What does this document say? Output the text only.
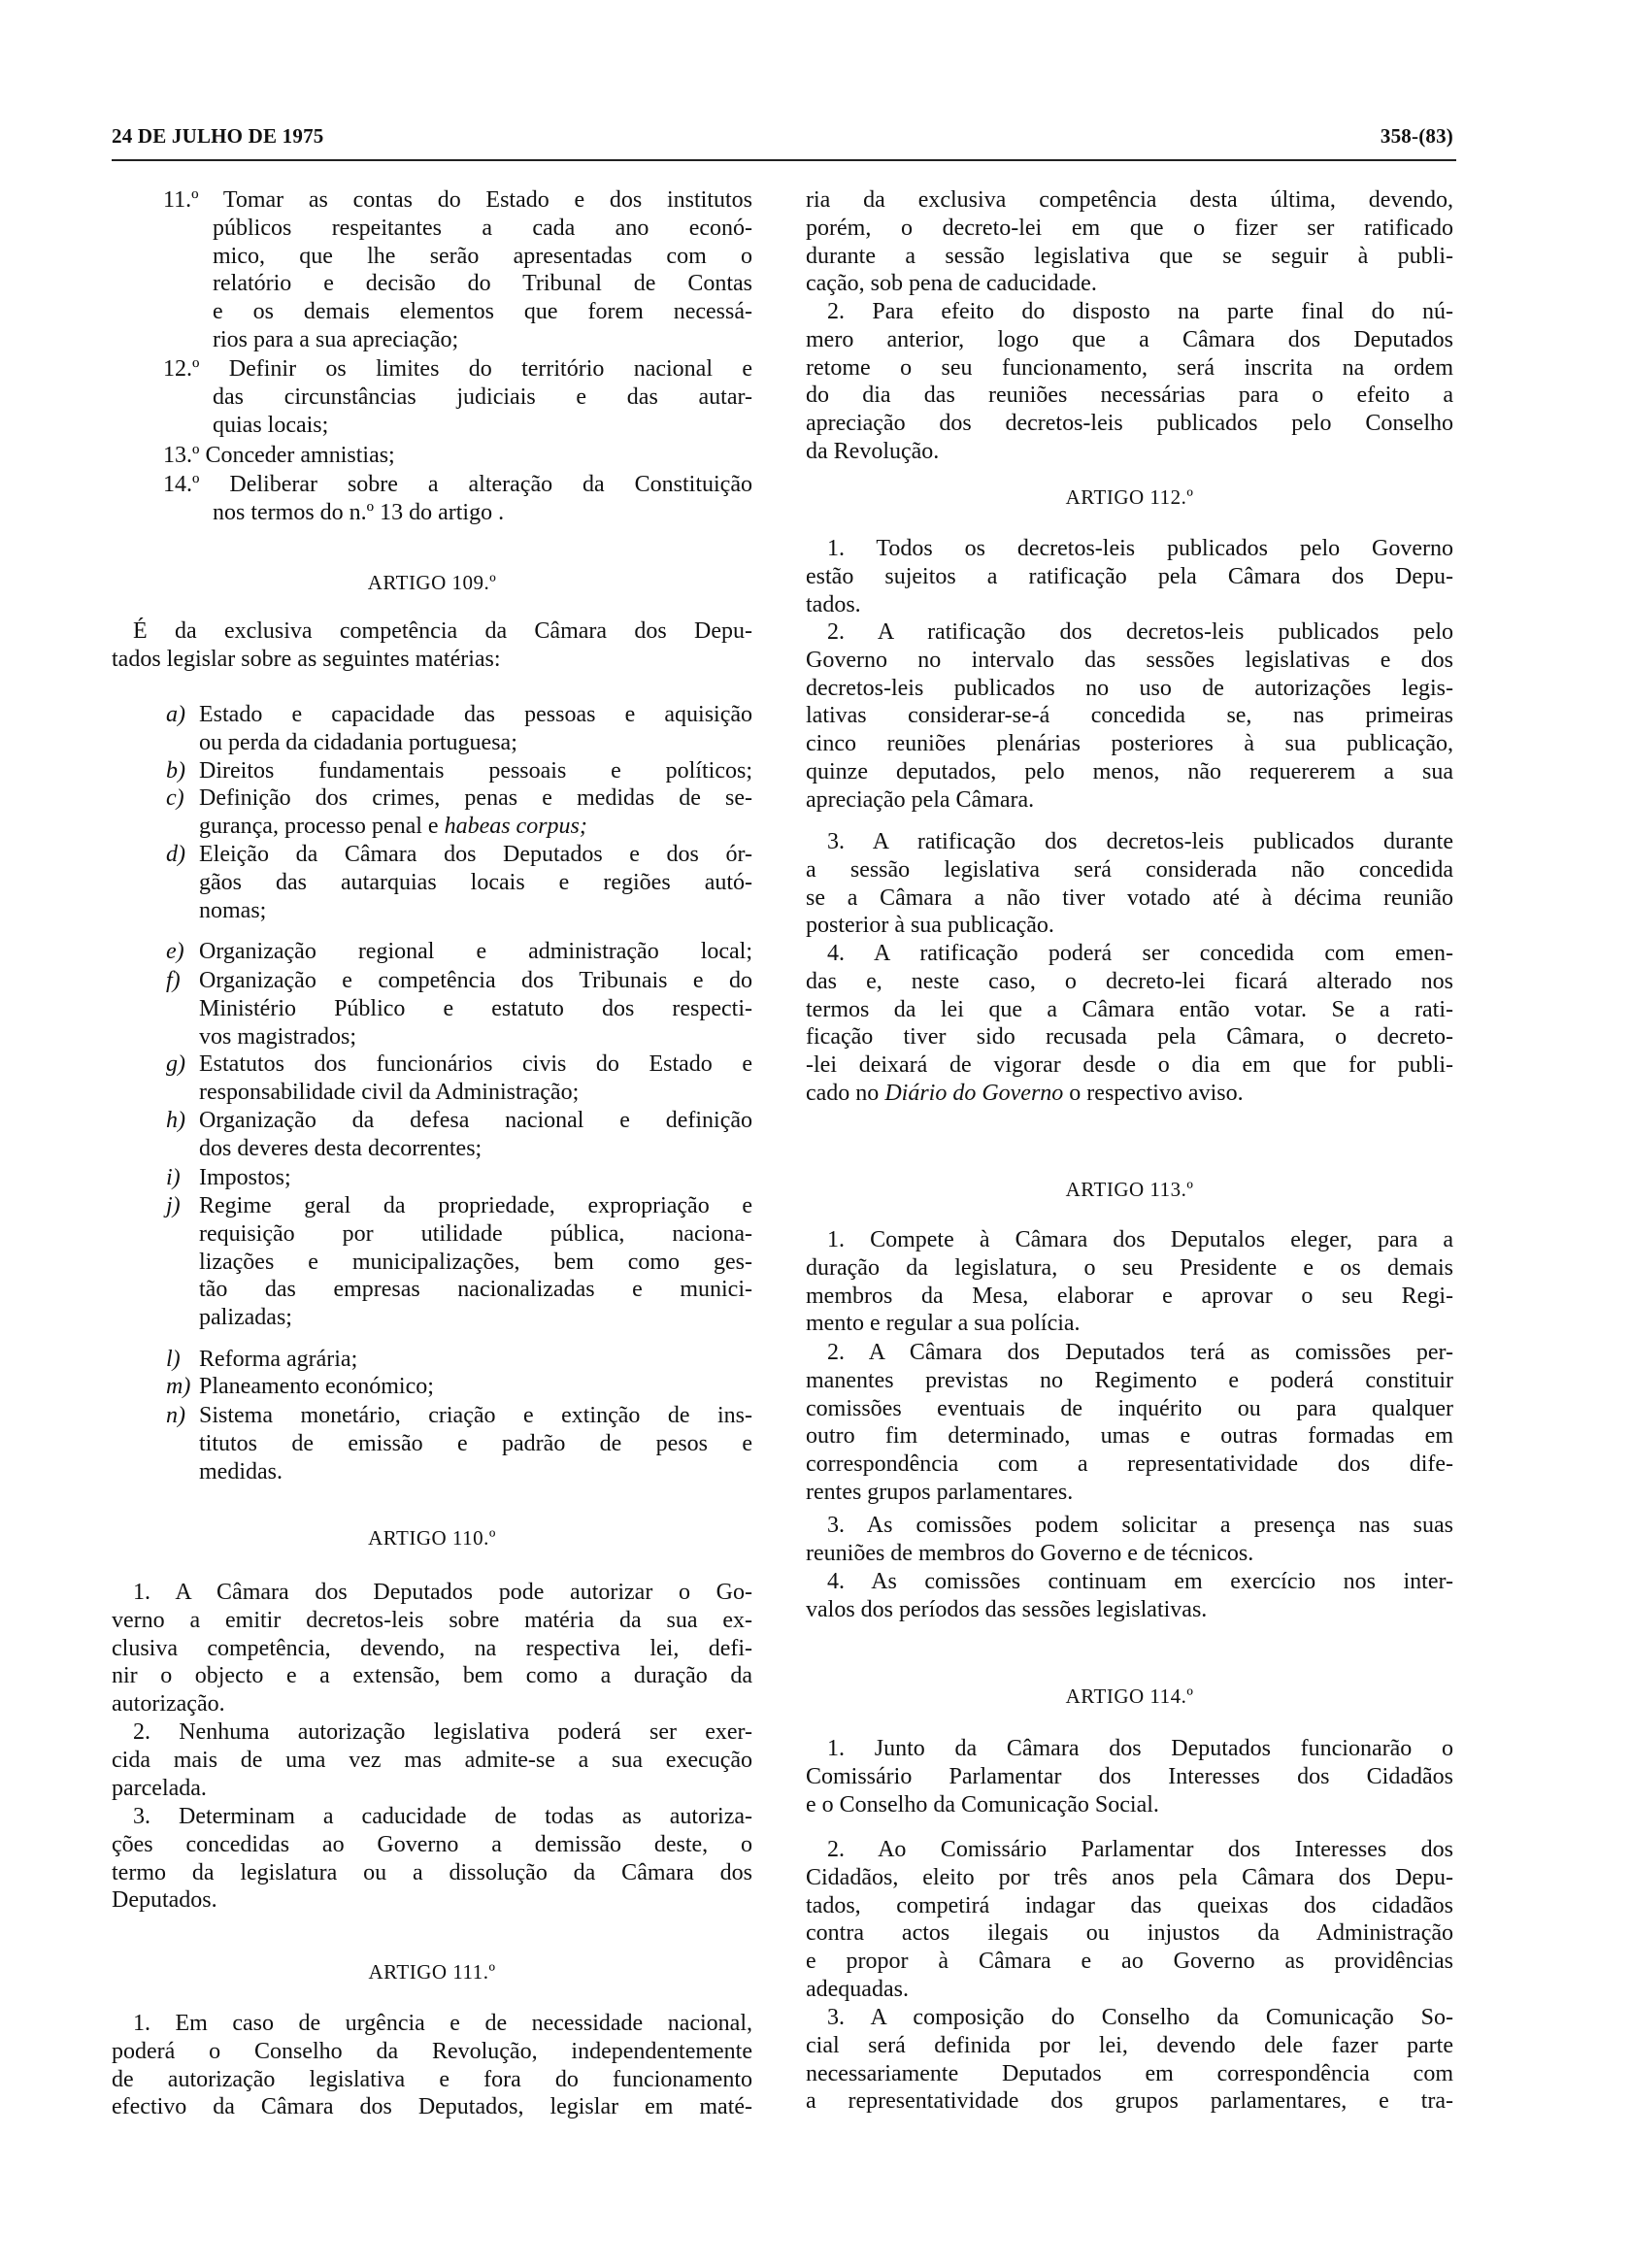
24 DE JULHO DE 1975	358-(83)
11.º Tomar as contas do Estado e dos institutos
públicos respeitantes a cada ano econó-
mico, que lhe serão apresentadas com o
relatório e decisão do Tribunal de Contas
e os demais elementos que forem necessá-
rios para a sua apreciação;
12.º Definir os limites do território nacional e
das circunstâncias judiciais e das autar-
quias locais;
13.º Conceder amnistias;
14.º Deliberar sobre a alteração da Constituição
nos termos do n.º 13 do artigo .
ARTIGO 109.º
É da exclusiva competência da Câmara dos Depu-
tados legislar sobre as seguintes matérias:
a) Estado e capacidade das pessoas e aquisição
ou perda da cidadania portuguesa;
b) Direitos fundamentais pessoais e políticos;
c) Definição dos crimes, penas e medidas de se-
gurança, processo penal e habeas corpus;
d) Eleição da Câmara dos Deputados e dos ór-
gãos das autarquias locais e regiões autó-
nomas;
e) Organização regional e administração local;
f) Organização e competência dos Tribunais e do
Ministério Público e estatuto dos respecti-
vos magistrados;
g) Estatutos dos funcionários civis do Estado e
responsabilidade civil da Administração;
h) Organização da defesa nacional e definição
dos deveres desta decorrentes;
i) Impostos;
j) Regime geral da propriedade, expropriação e
requisição por utilidade pública, naciona-
lizações e municipalizações, bem como ges-
tão das empresas nacionalizadas e munici-
palizadas;
l) Reforma agrária;
m) Planeamento económico;
n) Sistema monetário, criação e extinção de ins-
titutos de emissão e padrão de pesos e
medidas.
ARTIGO 110.º
1. A Câmara dos Deputados pode autorizar o Go-
verno a emitir decretos-leis sobre matéria da sua ex-
clusiva competência, devendo, na respectiva lei, defi-
nir o objecto e a extensão, bem como a duração da
autorização.
2. Nenhuma autorização legislativa poderá ser exer-
cida mais de uma vez mas admite-se a sua execução
parcelada.
3. Determinam a caducidade de todas as autoriza-
ções concedidas ao Governo a demissão deste, o
termo da legislatura ou a dissolução da Câmara dos
Deputados.
ARTIGO 111.º
1. Em caso de urgência e de necessidade nacional,
poderá o Conselho da Revolução, independentemente
de autorização legislativa e fora do funcionamento
efectivo da Câmara dos Deputados, legislar em maté-
ria da exclusiva competência desta última, devendo,
porém, o decreto-lei em que o fizer ser ratificado
durante a sessão legislativa que se seguir à publi-
cação, sob pena de caducidade.
2. Para efeito do disposto na parte final do nú-
mero anterior, logo que a Câmara dos Deputados
retome o seu funcionamento, será inscrita na ordem
do dia das reuniões necessárias para o efeito a
apreciação dos decretos-leis publicados pelo Conselho
da Revolução.
ARTIGO 112.º
1. Todos os decretos-leis publicados pelo Governo
estão sujeitos a ratificação pela Câmara dos Depu-
tados.
2. A ratificação dos decretos-leis publicados pelo
Governo no intervalo das sessões legislativas e dos
decretos-leis publicados no uso de autorizações legis-
lativas considerar-se-á concedida se, nas primeiras
cinco reuniões plenárias posteriores à sua publicação,
quinze deputados, pelo menos, não requererem a sua
apreciação pela Câmara.
3. A ratificação dos decretos-leis publicados durante
a sessão legislativa será considerada não concedida
se a Câmara a não tiver votado até à décima reunião
posterior à sua publicação.
4. A ratificação poderá ser concedida com emen-
das e, neste caso, o decreto-lei ficará alterado nos
termos da lei que a Câmara então votar. Se a rati-
ficação tiver sido recusada pela Câmara, o decreto-
-lei deixará de vigorar desde o dia em que for publi-
cado no Diário do Governo o respectivo aviso.
ARTIGO 113.º
1. Compete à Câmara dos Deputalos eleger, para a
duração da legislatura, o seu Presidente e os demais
membros da Mesa, elaborar e aprovar o seu Regi-
mento e regular a sua polícia.
2. A Câmara dos Deputados terá as comissões per-
manentes previstas no Regimento e poderá constituir
comissões eventuais de inquérito ou para qualquer
outro fim determinado, umas e outras formadas em
correspondência com a representatividade dos dife-
rentes grupos parlamentares.
3. As comissões podem solicitar a presença nas suas
reuniões de membros do Governo e de técnicos.
4. As comissões continuam em exercício nos inter-
valos dos períodos das sessões legislativas.
ARTIGO 114.º
1. Junto da Câmara dos Deputados funcionarão o
Comissário Parlamentar dos Interesses dos Cidadãos
e o Conselho da Comunicação Social.
2. Ao Comissário Parlamentar dos Interesses dos
Cidadãos, eleito por três anos pela Câmara dos Depu-
tados, competirá indagar das queixas dos cidadãos
contra actos ilegais ou injustos da Administração
e propor à Câmara e ao Governo as providências
adequadas.
3. A composição do Conselho da Comunicação So-
cial será definida por lei, devendo dele fazer parte
necessariamente Deputados em correspondência com
a representatividade dos grupos parlamentares, e tra-
